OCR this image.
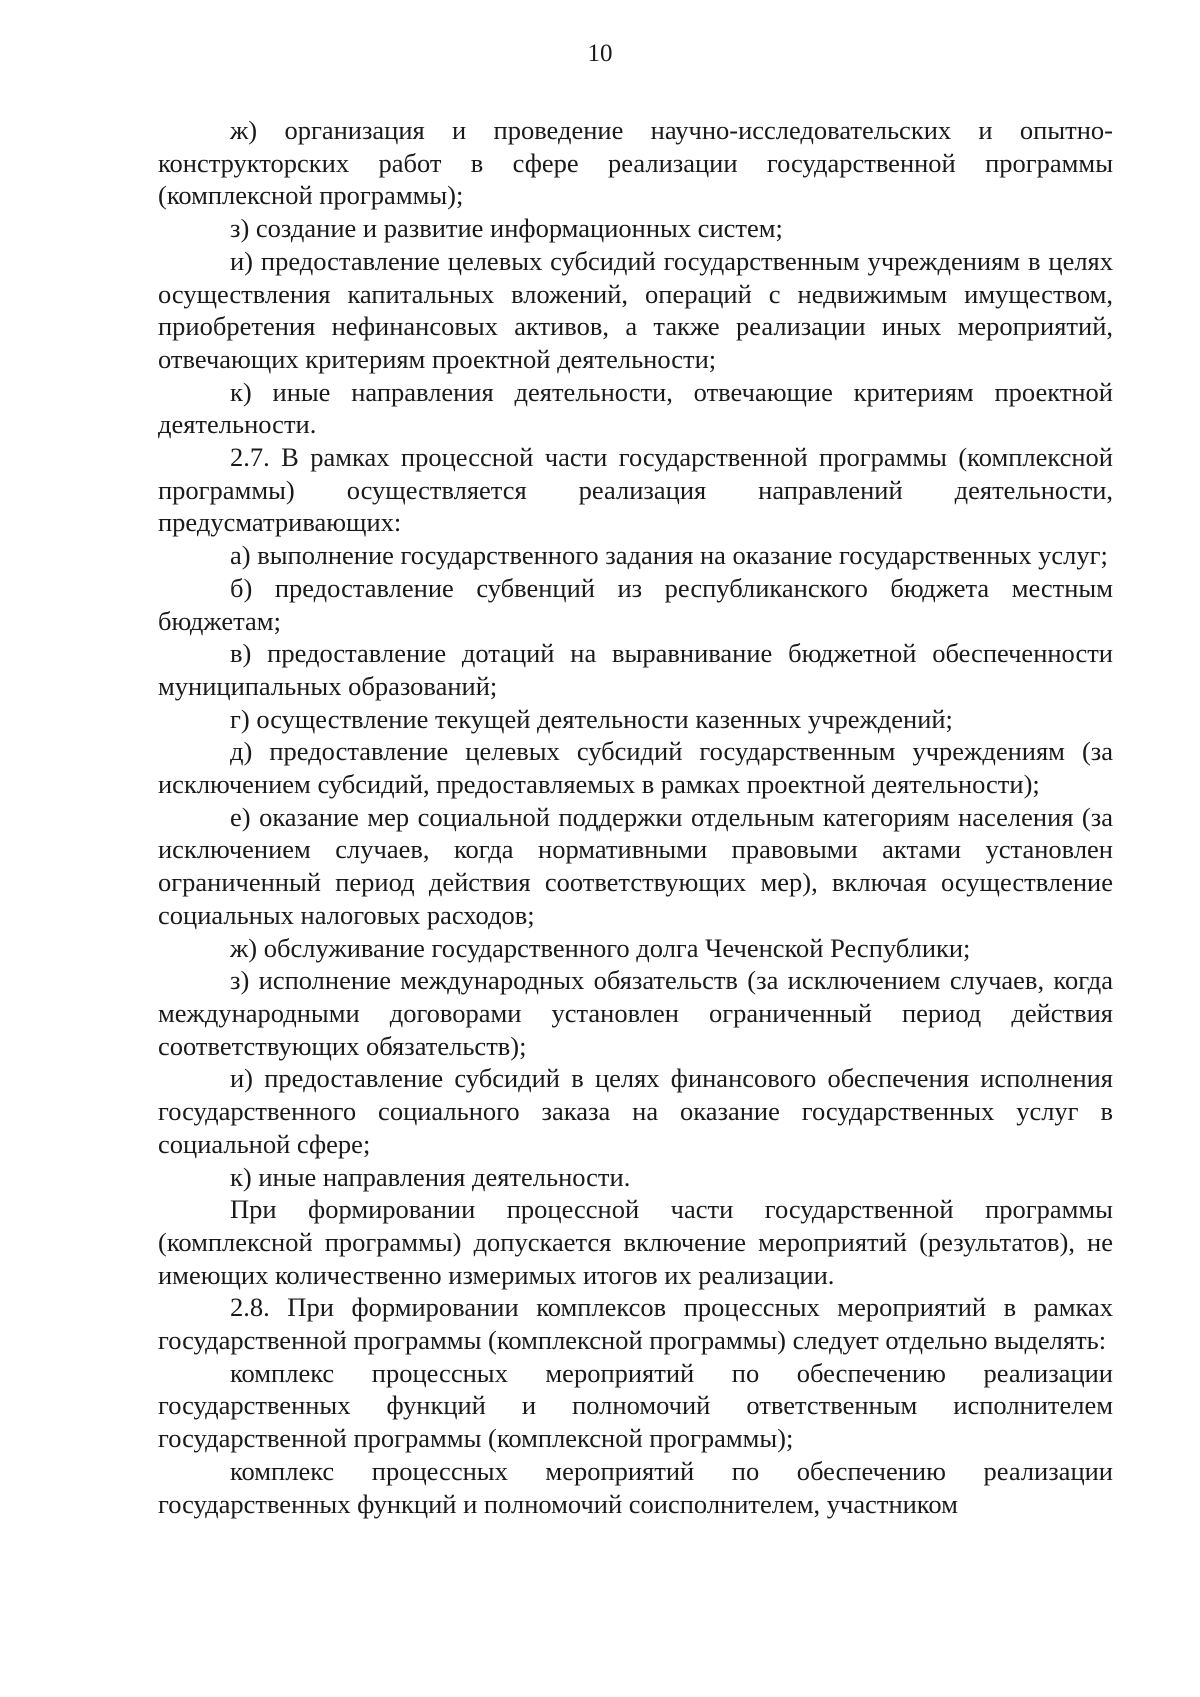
10

ж) организация и проведение научно-исследовательских и опытно-конструкторских работ в сфере реализации государственной программы (комплексной программы);

з) создание и развитие информационных систем;

и) предоставление целевых субсидий государственным учреждениям в целях осуществления капитальных вложений, операций с недвижимым имуществом, приобретения нефинансовых активов, а также реализации иных мероприятий, отвечающих критериям проектной деятельности;

к) иные направления деятельности, отвечающие критериям проектной деятельности.

2.7. В рамках процессной части государственной программы (комплексной программы) осуществляется реализация направлений деятельности, предусматривающих:

а) выполнение государственного задания на оказание государственных услуг;

б) предоставление субвенций из республиканского бюджета местным бюджетам;

в) предоставление дотаций на выравнивание бюджетной обеспеченности муниципальных образований;

г) осуществление текущей деятельности казенных учреждений;

д) предоставление целевых субсидий государственным учреждениям (за исключением субсидий, предоставляемых в рамках проектной деятельности);

е) оказание мер социальной поддержки отдельным категориям населения (за исключением случаев, когда нормативными правовыми актами установлен ограниченный период действия соответствующих мер), включая осуществление социальных налоговых расходов;

ж) обслуживание государственного долга Чеченской Республики;

з) исполнение международных обязательств (за исключением случаев, когда международными договорами установлен ограниченный период действия соответствующих обязательств);

и) предоставление субсидий в целях финансового обеспечения исполнения государственного социального заказа на оказание государственных услуг в социальной сфере;

к) иные направления деятельности.

При формировании процессной части государственной программы (комплексной программы) допускается включение мероприятий (результатов), не имеющих количественно измеримых итогов их реализации.

2.8. При формировании комплексов процессных мероприятий в рамках государственной программы (комплексной программы) следует отдельно выделять:

комплекс процессных мероприятий по обеспечению реализации государственных функций и полномочий ответственным исполнителем государственной программы (комплексной программы);

комплекс процессных мероприятий по обеспечению реализации государственных функций и полномочий соисполнителем, участником
